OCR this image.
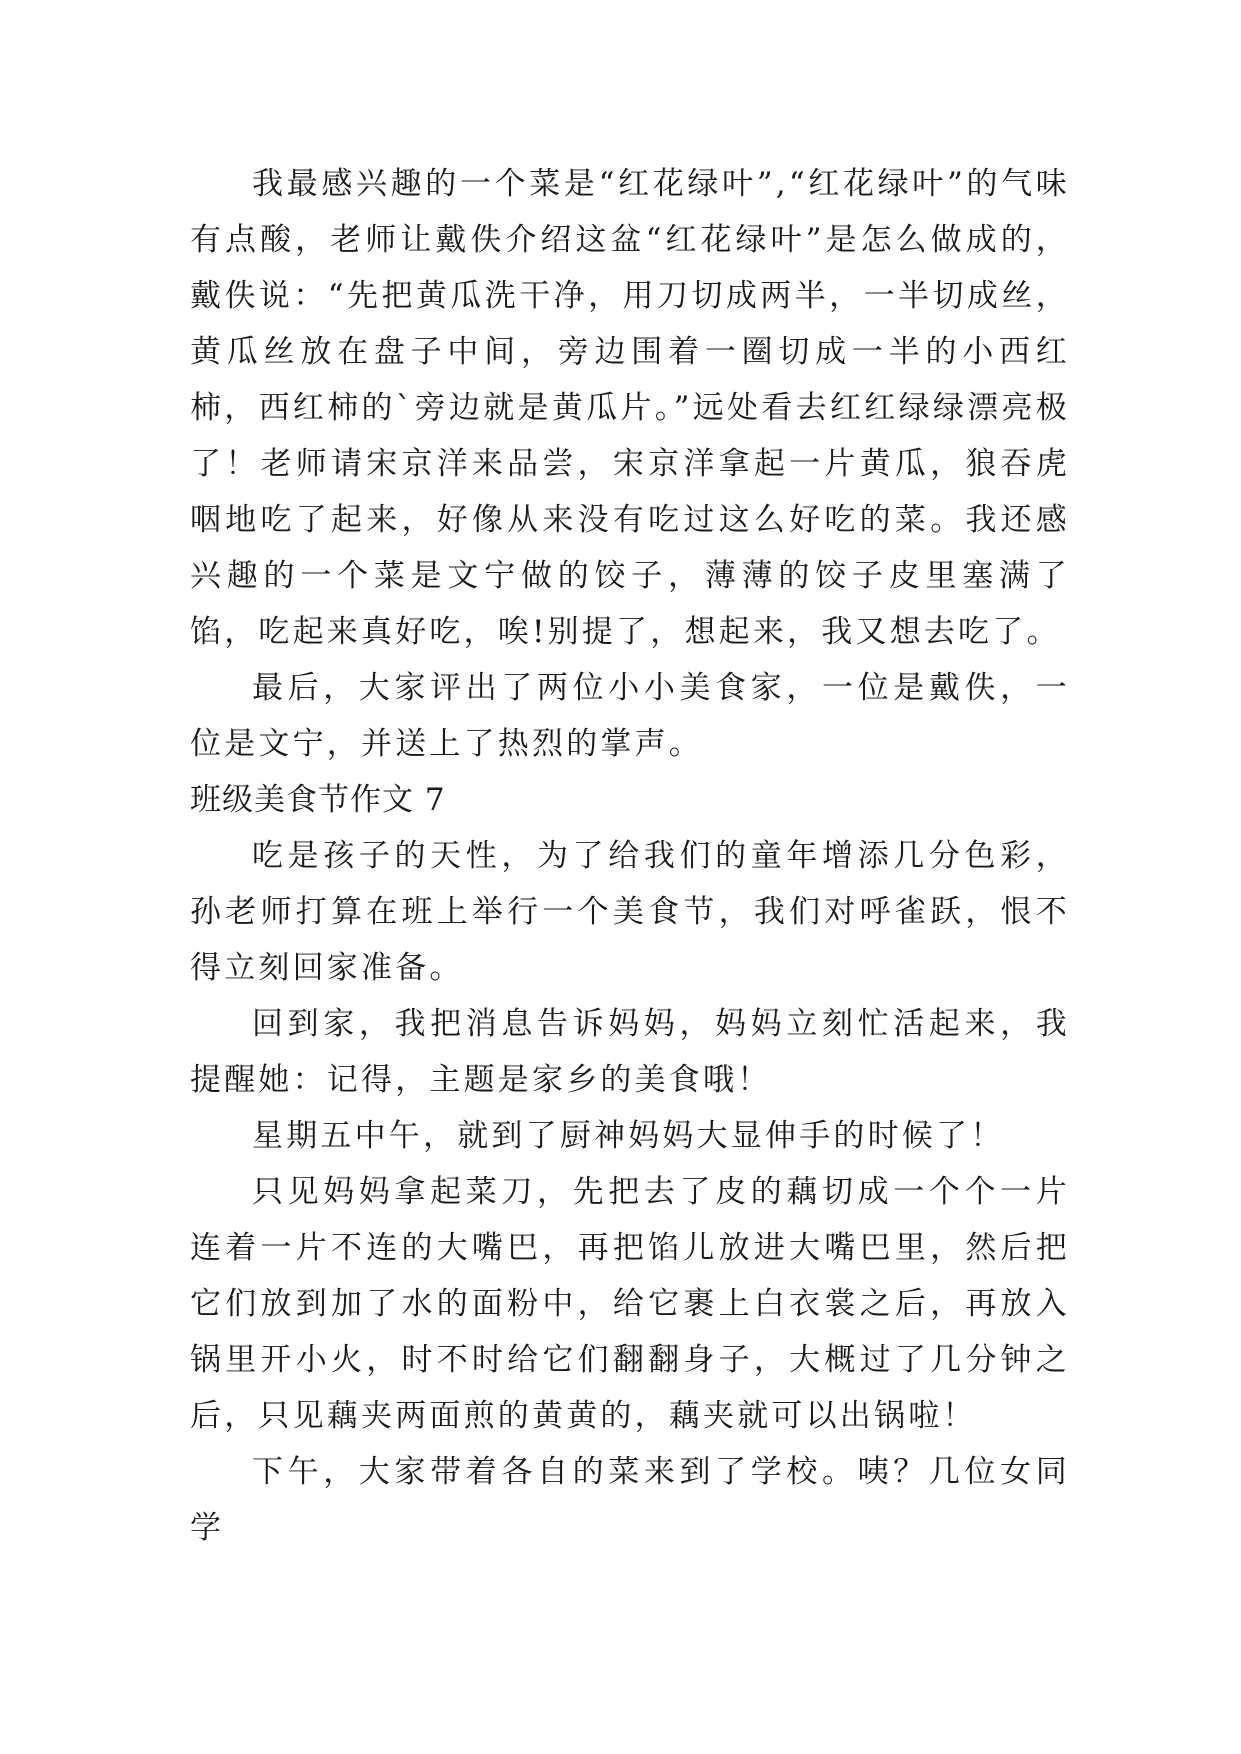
我最感兴趣的一个菜是“红花绿叶”,“红花绿叶”的气味有点酸，老师让戴佚介绍这盆“红花绿叶”是怎么做成的，戴佚说：“先把黄瓜洗干净，用刀切成两半，一半切成丝，黄瓜丝放在盘子中间，旁边围着一圈切成一半的小西红柿，西红柿的`旁边就是黄瓜片。”远处看去红红绿绿漂亮极了！老师请宋京洋来品尝，宋京洋拿起一片黄瓜，狼吞虎咽地吃了起来，好像从来没有吃过这么好吃的菜。我还感兴趣的一个菜是文宁做的饺子，薄薄的饺子皮里塞满了馅，吃起来真好吃，唉!别提了，想起来，我又想去吃了。

最后，大家评出了两位小小美食家，一位是戴佚，一位是文宁，并送上了热烈的掌声。

班级美食节作文 7

吃是孩子的天性，为了给我们的童年增添几分色彩，孙老师打算在班上举行一个美食节，我们对呼雀跃，恨不得立刻回家准备。

回到家，我把消息告诉妈妈，妈妈立刻忙活起来，我提醒她：记得，主题是家乡的美食哦！

星期五中午，就到了厨神妈妈大显伸手的时候了！

只见妈妈拿起菜刀，先把去了皮的藕切成一个个一片连着一片不连的大嘴巴，再把馅儿放进大嘴巴里，然后把它们放到加了水的面粉中，给它裹上白衣裳之后，再放入锅里开小火，时不时给它们翻翻身子，大概过了几分钟之后，只见藕夹两面煎的黄黄的，藕夹就可以出锅啦！

下午，大家带着各自的菜来到了学校。咦？几位女同学
